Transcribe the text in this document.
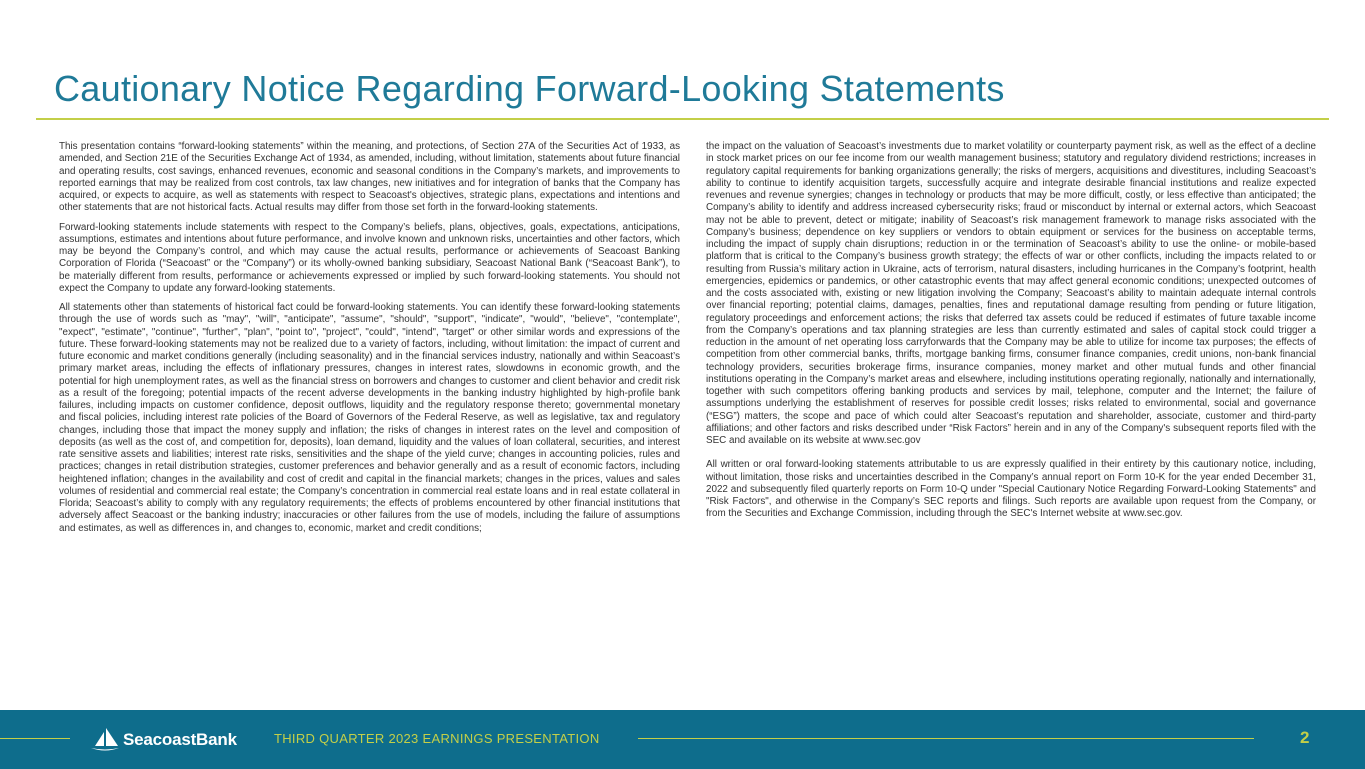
Cautionary Notice Regarding Forward-Looking Statements

This presentation contains “forward-looking statements” within the meaning, and protections, of Section 27A of the Securities Act of 1933, as amended, and Section 21E of the Securities Exchange Act of 1934, as amended, including, without limitation, statements about future financial and operating results, cost savings, enhanced revenues, economic and seasonal conditions in the Company’s markets, and improvements to reported earnings that may be realized from cost controls, tax law changes, new initiatives and for integration of banks that the Company has acquired, or expects to acquire, as well as statements with respect to Seacoast's objectives, strategic plans, expectations and intentions and other statements that are not historical facts. Actual results may differ from those set forth in the forward-looking statements.

Forward-looking statements include statements with respect to the Company’s beliefs, plans, objectives, goals, expectations, anticipations, assumptions, estimates and intentions about future performance, and involve known and unknown risks, uncertainties and other factors, which may be beyond the Company’s control, and which may cause the actual results, performance or achievements of Seacoast Banking Corporation of Florida (“Seacoast” or the “Company”) or its wholly-owned banking subsidiary, Seacoast National Bank (“Seacoast Bank”), to be materially different from results, performance or achievements expressed or implied by such forward-looking statements. You should not expect the Company to update any forward-looking statements.

All statements other than statements of historical fact could be forward-looking statements. You can identify these forward-looking statements through the use of words such as "may", "will", "anticipate", "assume", "should", "support", "indicate", "would", "believe", "contemplate", "expect", "estimate", "continue", "further", "plan", "point to", "project", "could", "intend", "target" or other similar words and expressions of the future. These forward-looking statements may not be realized due to a variety of factors, including, without limitation: the impact of current and future economic and market conditions generally (including seasonality) and in the financial services industry, nationally and within Seacoast’s primary market areas, including the effects of inflationary pressures, changes in interest rates, slowdowns in economic growth, and the potential for high unemployment rates, as well as the financial stress on borrowers and changes to customer and client behavior and credit risk as a result of the foregoing; potential impacts of the recent adverse developments in the banking industry highlighted by high-profile bank failures, including impacts on customer confidence, deposit outflows, liquidity and the regulatory response thereto; governmental monetary and fiscal policies, including interest rate policies of the Board of Governors of the Federal Reserve, as well as legislative, tax and regulatory changes, including those that impact the money supply and inflation; the risks of changes in interest rates on the level and composition of deposits (as well as the cost of, and competition for, deposits), loan demand, liquidity and the values of loan collateral, securities, and interest rate sensitive assets and liabilities; interest rate risks, sensitivities and the shape of the yield curve; changes in accounting policies, rules and practices; changes in retail distribution strategies, customer preferences and behavior generally and as a result of economic factors, including heightened inflation; changes in the availability and cost of credit and capital in the financial markets; changes in the prices, values and sales volumes of residential and commercial real estate; the Company’s concentration in commercial real estate loans and in real estate collateral in Florida; Seacoast’s ability to comply with any regulatory requirements; the effects of problems encountered by other financial institutions that adversely affect Seacoast or the banking industry; inaccuracies or other failures from the use of models, including the failure of assumptions and estimates, as well as differences in, and changes to, economic, market and credit conditions;

the impact on the valuation of Seacoast’s investments due to market volatility or counterparty payment risk, as well as the effect of a decline in stock market prices on our fee income from our wealth management business; statutory and regulatory dividend restrictions; increases in regulatory capital requirements for banking organizations generally; the risks of mergers, acquisitions and divestitures, including Seacoast’s ability to continue to identify acquisition targets, successfully acquire and integrate desirable financial institutions and realize expected revenues and revenue synergies; changes in technology or products that may be more difficult, costly, or less effective than anticipated; the Company’s ability to identify and address increased cybersecurity risks; fraud or misconduct by internal or external actors, which Seacoast may not be able to prevent, detect or mitigate; inability of Seacoast’s risk management framework to manage risks associated with the Company’s business; dependence on key suppliers or vendors to obtain equipment or services for the business on acceptable terms, including the impact of supply chain disruptions; reduction in or the termination of Seacoast’s ability to use the online- or mobile-based platform that is critical to the Company’s business growth strategy; the effects of war or other conflicts, including the impacts related to or resulting from Russia’s military action in Ukraine, acts of terrorism, natural disasters, including hurricanes in the Company’s footprint, health emergencies, epidemics or pandemics, or other catastrophic events that may affect general economic conditions; unexpected outcomes of and the costs associated with, existing or new litigation involving the Company; Seacoast’s ability to maintain adequate internal controls over financial reporting; potential claims, damages, penalties, fines and reputational damage resulting from pending or future litigation, regulatory proceedings and enforcement actions; the risks that deferred tax assets could be reduced if estimates of future taxable income from the Company’s operations and tax planning strategies are less than currently estimated and sales of capital stock could trigger a reduction in the amount of net operating loss carryforwards that the Company may be able to utilize for income tax purposes; the effects of competition from other commercial banks, thrifts, mortgage banking firms, consumer finance companies, credit unions, non-bank financial technology providers, securities brokerage firms, insurance companies, money market and other mutual funds and other financial institutions operating in the Company’s market areas and elsewhere, including institutions operating regionally, nationally and internationally, together with such competitors offering banking products and services by mail, telephone, computer and the Internet; the failure of assumptions underlying the establishment of reserves for possible credit losses; risks related to environmental, social and governance (“ESG”) matters, the scope and pace of which could alter Seacoast’s reputation and shareholder, associate, customer and third-party affiliations; and other factors and risks described under “Risk Factors” herein and in any of the Company's subsequent reports filed with the SEC and available on its website at www.sec.gov

All written or oral forward-looking statements attributable to us are expressly qualified in their entirety by this cautionary notice, including, without limitation, those risks and uncertainties described in the Company’s annual report on Form 10-K for the year ended December 31, 2022 and subsequently filed quarterly reports on Form 10-Q under "Special Cautionary Notice Regarding Forward-Looking Statements" and "Risk Factors", and otherwise in the Company’s SEC reports and filings. Such reports are available upon request from the Company, or from the Securities and Exchange Commission, including through the SEC's Internet website at www.sec.gov.

SeacoastBank	THIRD QUARTER 2023 EARNINGS PRESENTATION	2
